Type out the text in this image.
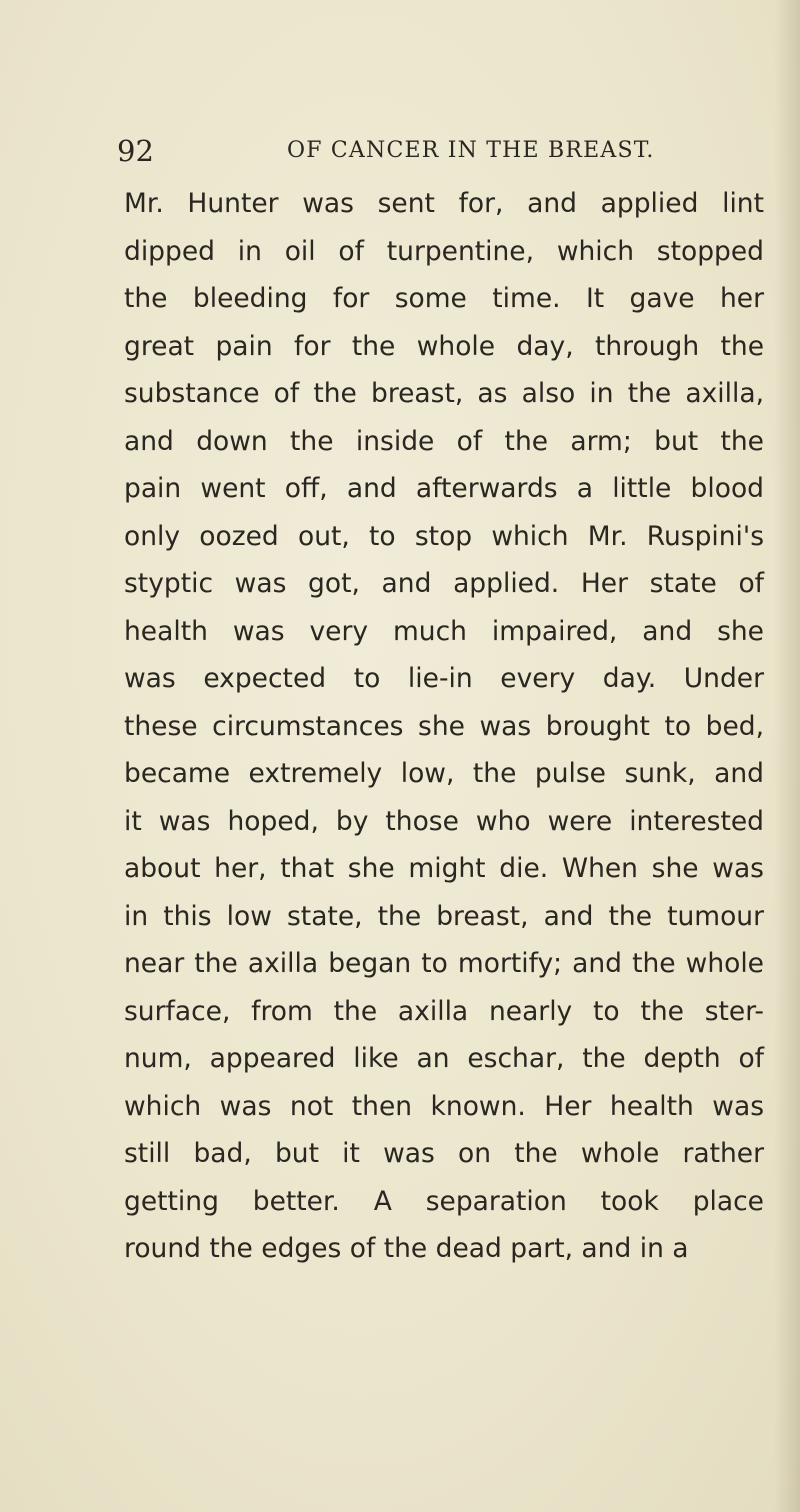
92	OF CANCER IN THE BREAST.
Mr. Hunter was sent for, and applied lint
dipped in oil of turpentine, which stopped
the bleeding for some time. It gave her
great pain for the whole day, through the
substance of the breast, as also in the axilla,
and down the inside of the arm; but the
pain went off, and afterwards a little blood
only oozed out, to stop which Mr. Ruspini's
styptic was got, and applied. Her state of
health was very much impaired, and she
was expected to lie-in every day. Under
these circumstances she was brought to bed,
became extremely low, the pulse sunk, and
it was hoped, by those who were interested
about her, that she might die. When she was
in this low state, the breast, and the tumour
near the axilla began to mortify; and the whole
surface, from the axilla nearly to the ster-
num, appeared like an eschar, the depth of
which was not then known. Her health was
still bad, but it was on the whole rather
getting better. A separation took place
round the edges of the dead part, and in a
